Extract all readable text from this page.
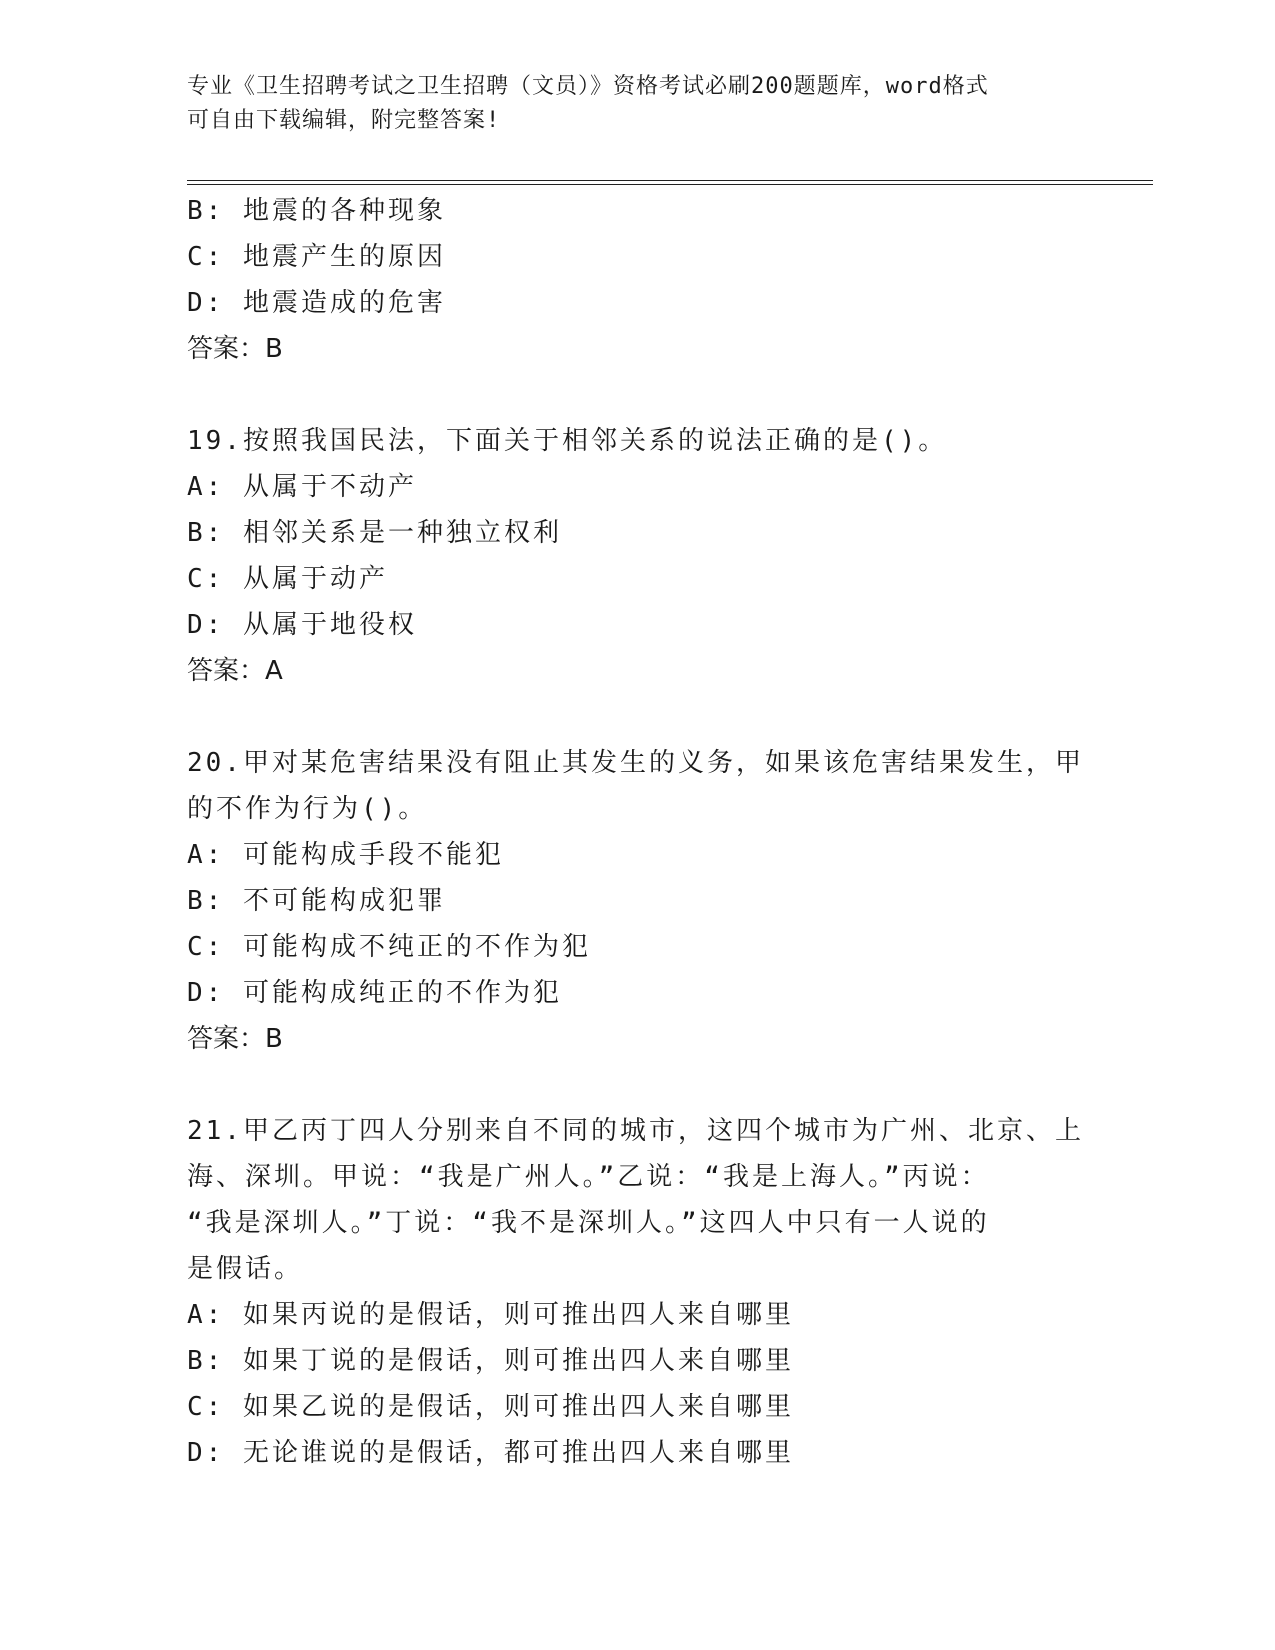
专业《卫生招聘考试之卫生招聘（文员）》资格考试必刷200题题库，word格式
可自由下载编辑，附完整答案!
B: 地震的各种现象
C: 地震产生的原因
D: 地震造成的危害
答案：B
19.按照我国民法，下面关于相邻关系的说法正确的是()。
A: 从属于不动产
B: 相邻关系是一种独立权利
C: 从属于动产
D: 从属于地役权
答案：A
20.甲对某危害结果没有阻止其发生的义务，如果该危害结果发生，甲
的不作为行为()。
A: 可能构成手段不能犯
B: 不可能构成犯罪
C: 可能构成不纯正的不作为犯
D: 可能构成纯正的不作为犯
答案：B
21.甲乙丙丁四人分别来自不同的城市，这四个城市为广州、北京、上
海、深圳。甲说：“我是广州人。”乙说：“我是上海人。”丙说：
“我是深圳人。”丁说：“我不是深圳人。”这四人中只有一人说的
是假话。
A: 如果丙说的是假话，则可推出四人来自哪里
B: 如果丁说的是假话，则可推出四人来自哪里
C: 如果乙说的是假话，则可推出四人来自哪里
D: 无论谁说的是假话，都可推出四人来自哪里
